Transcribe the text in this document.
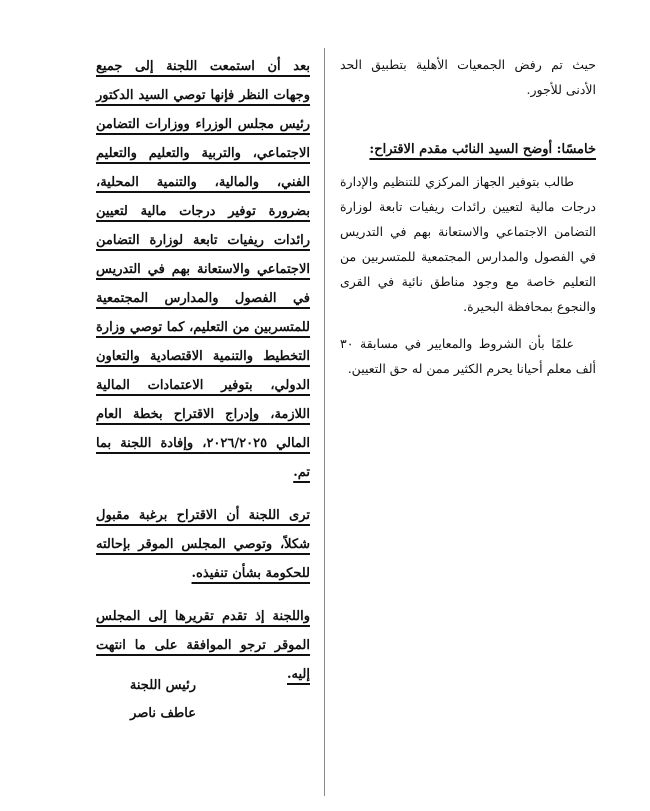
حيث تم رفض الجمعيات الأهلية بتطبيق الحد الأدنى للأجور.

خامسًا: أوضح السيد النائب مقدم الاقتراح:

طالب بتوفير الجهاز المركزي للتنظيم والإدارة درجات مالية لتعيين رائدات ريفيات تابعة لوزارة التضامن الاجتماعي والاستعانة بهم في التدريس في الفصول والمدارس المجتمعية للمتسربين من التعليم خاصة مع وجود مناطق نائية في القرى والنجوع بمحافظة البحيرة.

علمًا بأن الشروط والمعايير في مسابقة ٣٠ ألف معلم أحيانا يحرم الكثير ممن له حق التعيين.

بعد أن استمعت اللجنة إلى جميع وجهات النظر فإنها توصي السيد الدكتور رئيس مجلس الوزراء ووزارات التضامن الاجتماعي، والتربية والتعليم والتعليم الفني، والمالية، والتنمية المحلية، بضرورة توفير درجات مالية لتعيين رائدات ريفيات تابعة لوزارة التضامن الاجتماعي والاستعانة بهم في التدريس في الفصول والمدارس المجتمعية للمتسربين من التعليم، كما توصي وزارة التخطيط والتنمية الاقتصادية والتعاون الدولي، بتوفير الاعتمادات المالية اللازمة، وإدراج الاقتراح بخطة العام المالي ٢٠٢٦/٢٠٢٥، وإفادة اللجنة بما تم.

ترى اللجنة أن الاقتراح برغبة مقبول شكلاً، وتوصي المجلس الموقر بإحالته للحكومة بشأن تنفيذه.

واللجنة إذ تقدم تقريرها إلى المجلس الموقر ترجو الموافقة على ما انتهت إليه.

رئيس اللجنة
عاطف ناصر
